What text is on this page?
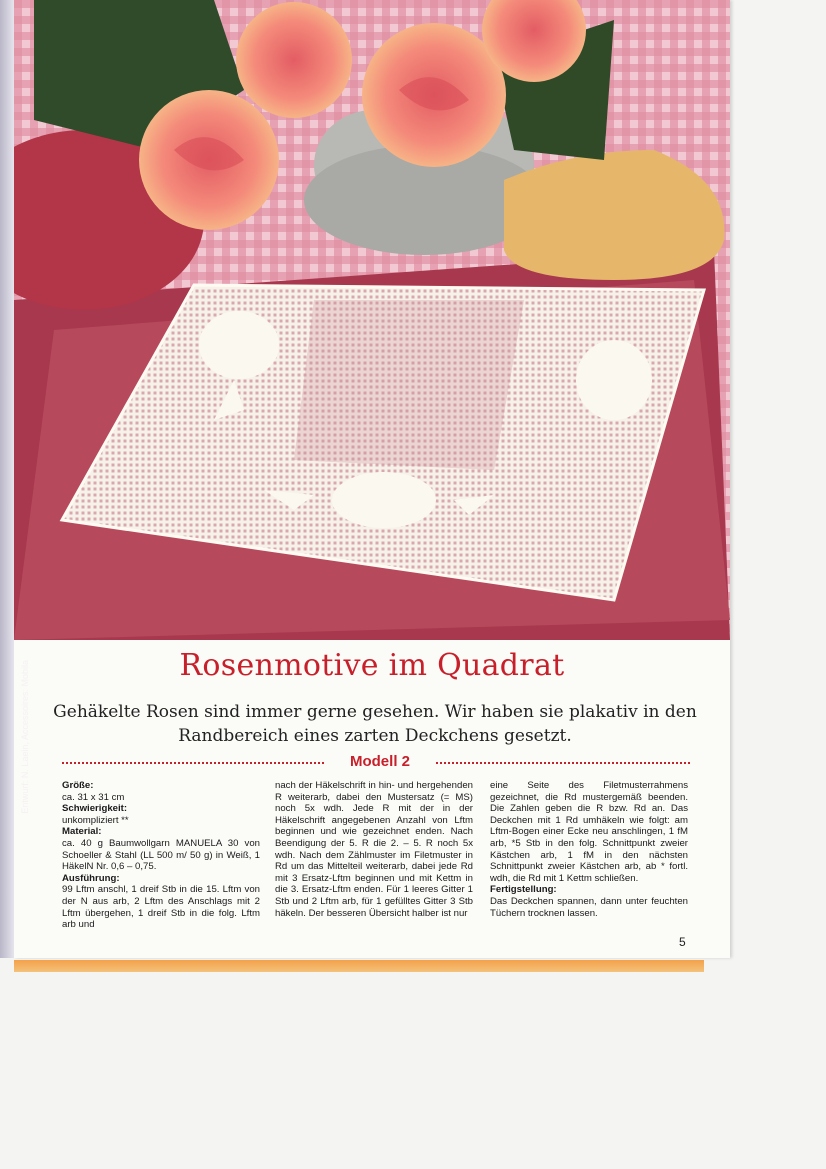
Entwurf: N. Laein, Accessoires: Mobila	Rosenmotive im Quadrat
Gehäkelte Rosen sind immer gerne gesehen. Wir haben sie plakativ in den Randbereich eines zarten Deckchens gesetzt.
Modell 2
Größe:
ca. 31 x 31 cm
Schwierigkeit:
unkompliziert **
Material:
ca. 40 g Baumwollgarn MANUELA 30 von Schoeller & Stahl (LL 500 m/ 50 g) in Weiß, 1 HäkelN Nr. 0,6 – 0,75.
Ausführung:
99 Lftm anschl, 1 dreif Stb in die 15. Lftm von der N aus arb, 2 Lftm des Anschlags mit 2 Lftm übergehen, 1 dreif Stb in die folg. Lftm arb und
nach der Häkelschrift in hin- und hergehenden R weiterarb, dabei den Mustersatz (= MS) noch 5x wdh. Jede R mit der in der Häkelschrift angegebenen Anzahl von Lftm beginnen und wie gezeichnet enden. Nach Beendigung der 5. R die 2. – 5. R noch 5x wdh. Nach dem Zählmuster im Filetmuster in Rd um das Mittelteil weiterarb, dabei jede Rd mit 3 Ersatz-Lftm beginnen und mit Kettm in die 3. Ersatz-Lftm enden. Für 1 leeres Gitter 1 Stb und 2 Lftm arb, für 1 gefülltes Gitter 3 Stb häkeln. Der besseren Übersicht halber ist nur
eine Seite des Filetmusterrahmens gezeichnet, die Rd mustergemäß beenden. Die Zahlen geben die R bzw. Rd an. Das Deckchen mit 1 Rd umhäkeln wie folgt: am Lftm-Bogen einer Ecke neu anschlingen, 1 fM arb, *5 Stb in den folg. Schnittpunkt zweier Kästchen arb, 1 fM in den nächsten Schnittpunkt zweier Kästchen arb, ab * fortl. wdh, die Rd mit 1 Kettm schließen.
Fertigstellung:
Das Deckchen spannen, dann unter feuchten Tüchern trocknen lassen.
5
